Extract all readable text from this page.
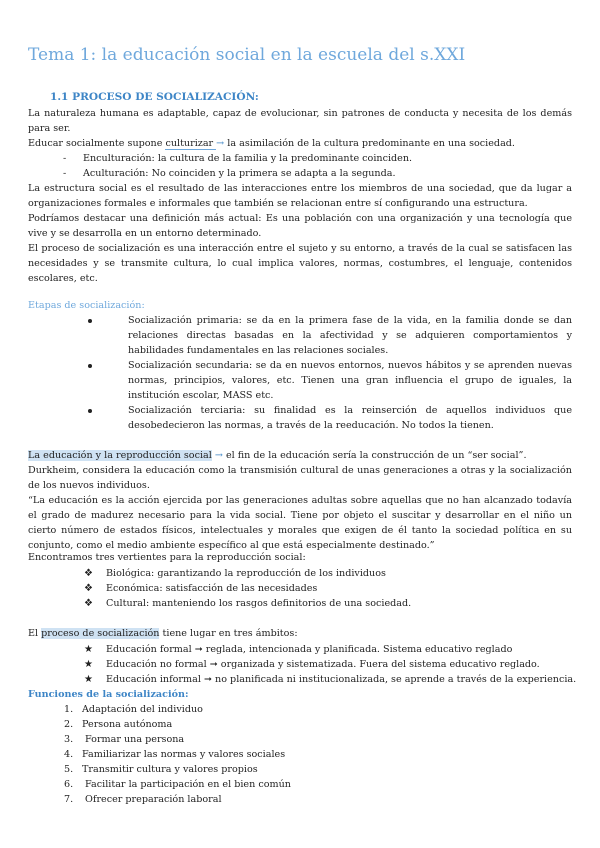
Tema 1: la educación social en la escuela del s.XXI
1.1 PROCESO DE SOCIALIZACIÓN:
La naturaleza humana es adaptable, capaz de evolucionar, sin patrones de conducta y necesita de los demás para ser.
Educar socialmente supone culturizar → la asimilación de la cultura predominante en una sociedad.
- Enculturación: la cultura de la familia y la predominante coinciden.
- Aculturación: No coinciden y la primera se adapta a la segunda.
La estructura social es el resultado de las interacciones entre los miembros de una sociedad, que da lugar a organizaciones formales e informales que también se relacionan entre sí configurando una estructura.
Podríamos destacar una definición más actual: Es una población con una organización y una tecnología que vive y se desarrolla en un entorno determinado.
El proceso de socialización es una interacción entre el sujeto y su entorno, a través de la cual se satisfacen las necesidades y se transmite cultura, lo cual implica valores, normas, costumbres, el lenguaje, contenidos escolares, etc.
Etapas de socialización:
Socialización primaria: se da en la primera fase de la vida, en la familia donde se dan relaciones directas basadas en la afectividad y se adquieren comportamientos y habilidades fundamentales en las relaciones sociales.
Socialización secundaria: se da en nuevos entornos, nuevos hábitos y se aprenden nuevas normas, principios, valores, etc. Tienen una gran influencia el grupo de iguales, la institución escolar, MASS etc.
Socialización terciaria: su finalidad es la reinserción de aquellos individuos que desobedecieron las normas, a través de la reeducación. No todos la tienen.
La educación y la reproducción social → el fin de la educación sería la construcción de un “ser social”.
Durkheim, considera la educación como la transmisión cultural de unas generaciones a otras y la socialización de los nuevos individuos.
“La educación es la acción ejercida por las generaciones adultas sobre aquellas que no han alcanzado todavía el grado de madurez necesario para la vida social. Tiene por objeto el suscitar y desarrollar en el niño un cierto número de estados físicos, intelectuales y morales que exigen de él tanto la sociedad política en su conjunto, como el medio ambiente específico al que está especialmente destinado.”
Encontramos tres vertientes para la reproducción social:
❖ Biológica: garantizando la reproducción de los individuos
❖ Económica: satisfacción de las necesidades
❖ Cultural: manteniendo los rasgos definitorios de una sociedad.
El proceso de socialización tiene lugar en tres ámbitos:
★ Educación formal ➞ reglada, intencionada y planificada. Sistema educativo reglado
★ Educación no formal ➞ organizada y sistematizada. Fuera del sistema educativo reglado.
★ Educación informal ➞ no planificada ni institucionalizada, se aprende a través de la experiencia.
Funciones de la socialización:
1. Adaptación del individuo
2. Persona autónoma
3. Formar una persona
4. Familiarizar las normas y valores sociales
5. Transmitir cultura y valores propios
6. Facilitar la participación en el bien común
7. Ofrecer preparación laboral
